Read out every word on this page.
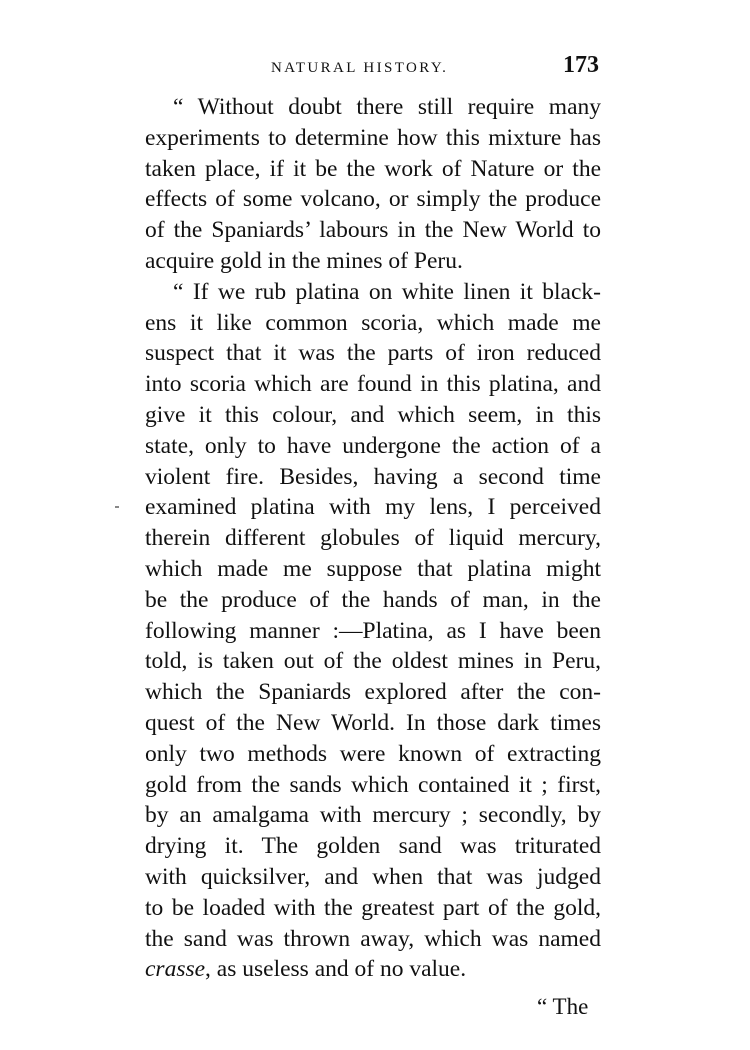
NATURAL HISTORY.	173
“ Without doubt there still require many
experiments to determine how this mixture has
taken place, if it be the work of Nature or the
effects of some volcano, or simply the produce
of the Spaniards’ labours in the New World to
acquire gold in the mines of Peru.
“ If we rub platina on white linen it black-
ens it like common scoria, which made me
suspect that it was the parts of iron reduced
into scoria which are found in this platina, and
give it this colour, and which seem, in this
state, only to have undergone the action of a
violent fire. Besides, having a second time
examined platina with my lens, I perceived
therein different globules of liquid mercury,
which made me suppose that platina might
be the produce of the hands of man, in the
following manner :—Platina, as I have been
told, is taken out of the oldest mines in Peru,
which the Spaniards explored after the con-
quest of the New World. In those dark times
only two methods were known of extracting
gold from the sands which contained it ; first,
by an amalgama with mercury ; secondly, by
drying it. The golden sand was triturated
with quicksilver, and when that was judged
to be loaded with the greatest part of the gold,
the sand was thrown away, which was named
crasse, as useless and of no value.
“ The
